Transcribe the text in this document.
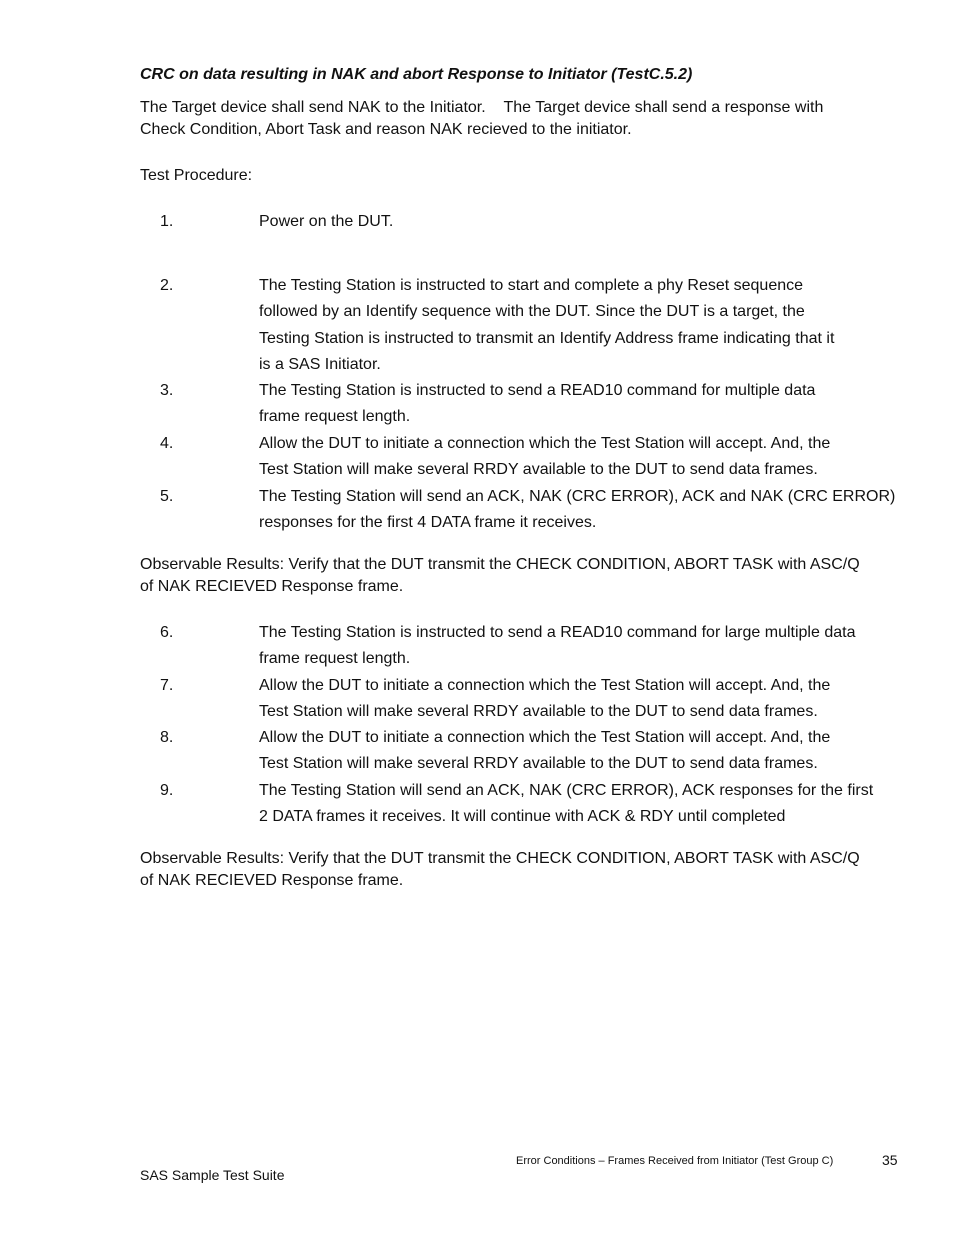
CRC on data resulting in NAK and abort Response to Initiator (TestC.5.2)
The Target device shall send NAK to the Initiator.    The Target device shall send a response with
Check Condition, Abort Task and reason NAK recieved to the initiator.
Test Procedure:
1.	Power on the DUT.
2.	The Testing Station is instructed to start and complete a phy Reset sequence
followed by an Identify sequence with the DUT. Since the DUT is a target, the
Testing Station is instructed to transmit an Identify Address frame indicating that it
is a SAS Initiator.
3.	The Testing Station is instructed to send a READ10 command for multiple data
frame request length.
4.	Allow the DUT to initiate a connection which the Test Station will accept. And, the
Test Station will make several RRDY available to the DUT to send data frames.
5.	The Testing Station will send an ACK, NAK (CRC ERROR), ACK and NAK (CRC ERROR)
responses for the first 4 DATA frame it receives.
Observable Results: Verify that the DUT transmit the CHECK CONDITION, ABORT TASK with ASC/Q
of NAK RECIEVED Response frame.
6.	The Testing Station is instructed to send a READ10 command for large multiple data
frame request length.
7.	Allow the DUT to initiate a connection which the Test Station will accept. And, the
Test Station will make several RRDY available to the DUT to send data frames.
8.	Allow the DUT to initiate a connection which the Test Station will accept. And, the
Test Station will make several RRDY available to the DUT to send data frames.
9.	The Testing Station will send an ACK, NAK (CRC ERROR), ACK responses for the first
2 DATA frames it receives. It will continue with ACK & RDY until completed
Observable Results: Verify that the DUT transmit the CHECK CONDITION, ABORT TASK with ASC/Q
of NAK RECIEVED Response frame.
Error Conditions – Frames Received from Initiator (Test Group C)	35
SAS Sample Test Suite
